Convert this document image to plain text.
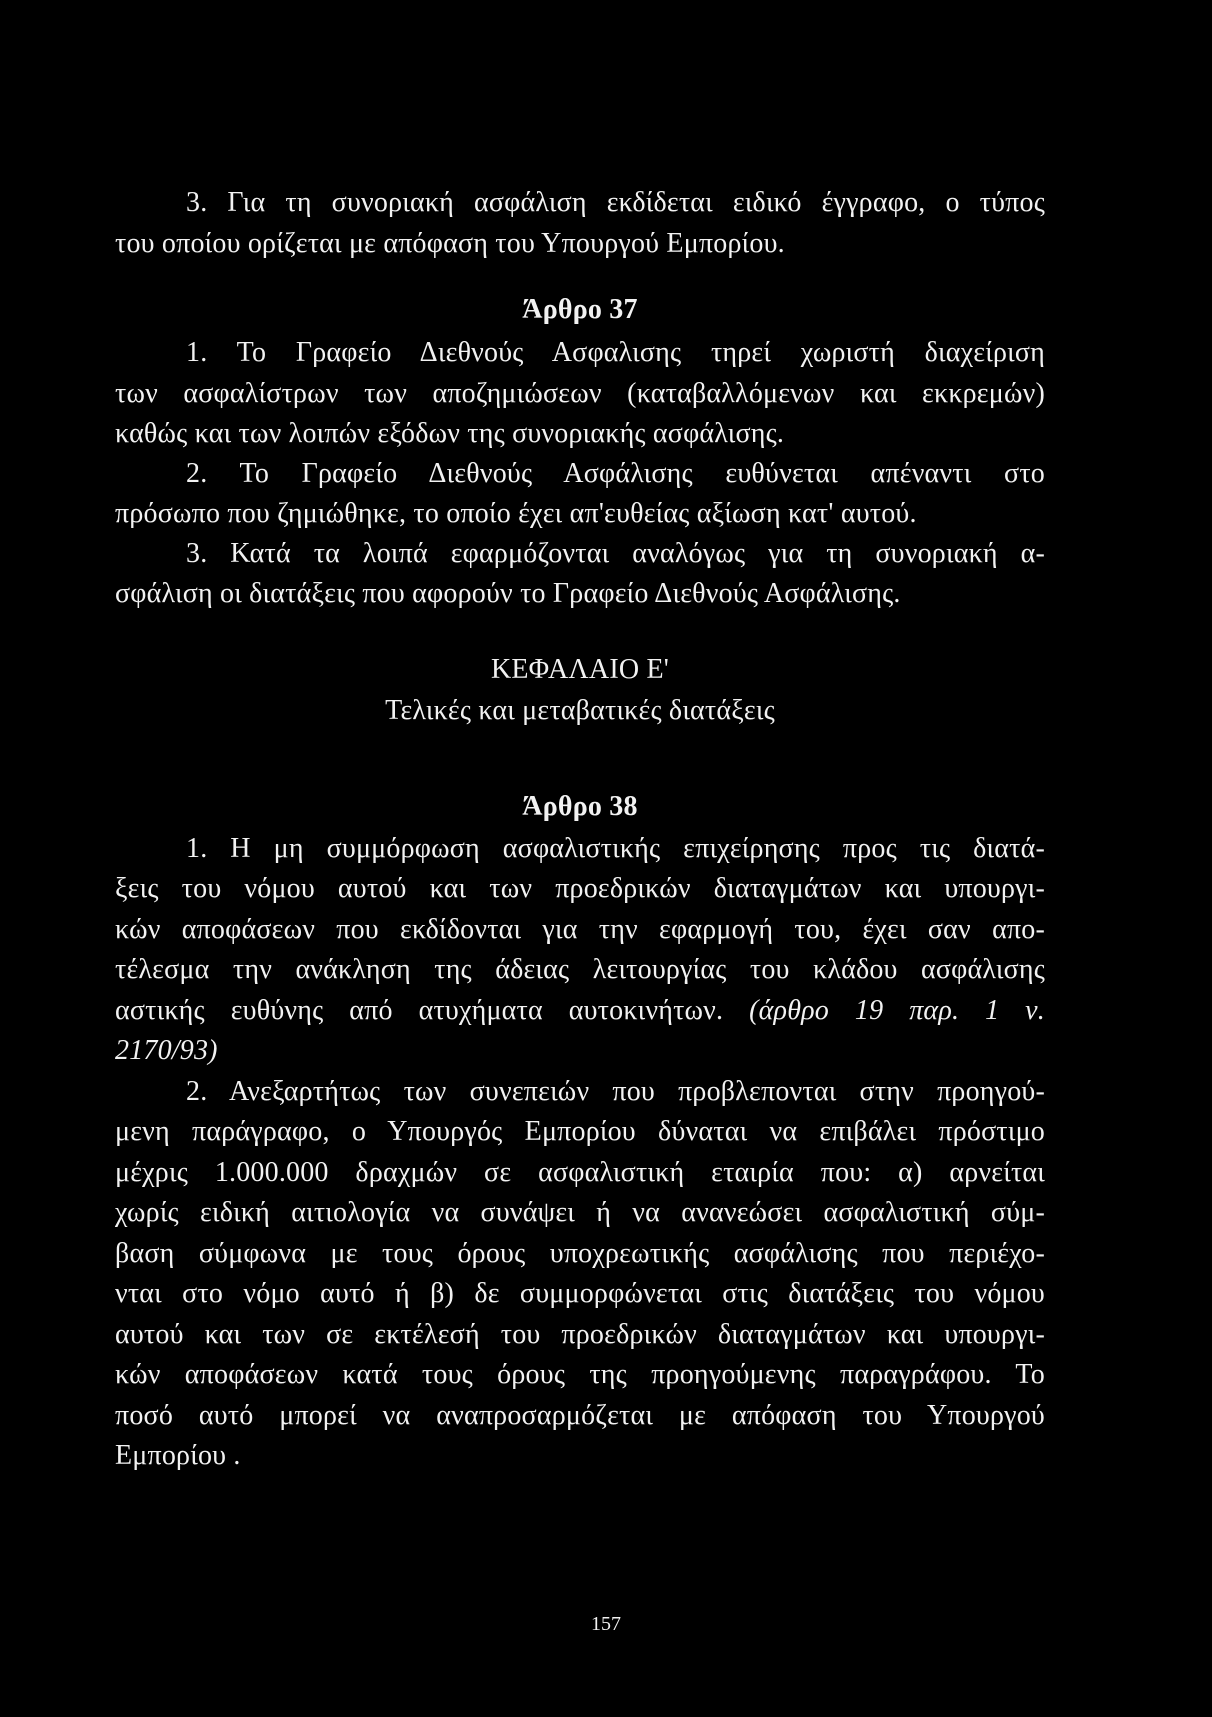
3. Για τη συνοριακή ασφάλιση εκδίδεται ειδικό έγγραφο, ο τύπος
του οποίου ορίζεται με απόφαση του Υπουργού Εμπορίου.
Άρθρο 37
1. Το Γραφείο Διεθνούς Ασφαλισης τηρεί χωριστή διαχείριση
των ασφαλίστρων των αποζημιώσεων (καταβαλλόμενων και εκκρεμών)
καθώς και των λοιπών εξόδων της συνοριακής ασφάλισης.
2. Το Γραφείο Διεθνούς Ασφάλισης ευθύνεται απέναντι στο
πρόσωπο που ζημιώθηκε, το οποίο έχει απ'ευθείας αξίωση κατ' αυτού.
3. Κατά τα λοιπά εφαρμόζονται αναλόγως για τη συνοριακή α-
σφάλιση οι διατάξεις που αφορούν το Γραφείο Διεθνούς Ασφάλισης.
ΚΕΦΑΛΑΙΟ Ε'
Τελικές και μεταβατικές διατάξεις
Άρθρο 38
1. Η μη συμμόρφωση ασφαλιστικής επιχείρησης προς τις διατά-
ξεις του νόμου αυτού και των προεδρικών διαταγμάτων και υπουργι-
κών αποφάσεων που εκδίδονται για την εφαρμογή του, έχει σαν απο-
τέλεσμα την ανάκληση της άδειας λειτουργίας του κλάδου ασφάλισης
αστικής ευθύνης από ατυχήματα αυτοκινήτων. (άρθρο 19 παρ. 1 ν.
2170/93)
2. Ανεξαρτήτως των συνεπειών που προβλεπονται στην προηγού-
μενη παράγραφο, ο Υπουργός Εμπορίου δύναται να επιβάλει πρόστιμο
μέχρις 1.000.000 δραχμών σε ασφαλιστική εταιρία που: α) αρνείται
χωρίς ειδική αιτιολογία να συνάψει ή να ανανεώσει ασφαλιστική σύμ-
βαση σύμφωνα με τους όρους υποχρεωτικής ασφάλισης που περιέχο-
νται στο νόμο αυτό ή β) δε συμμορφώνεται στις διατάξεις του νόμου
αυτού και των σε εκτέλεσή του προεδρικών διαταγμάτων και υπουργι-
κών αποφάσεων κατά τους όρους της προηγούμενης παραγράφου. Το
ποσό αυτό μπορεί να αναπροσαρμόζεται με απόφαση του Υπουργού
Εμπορίου .
157
